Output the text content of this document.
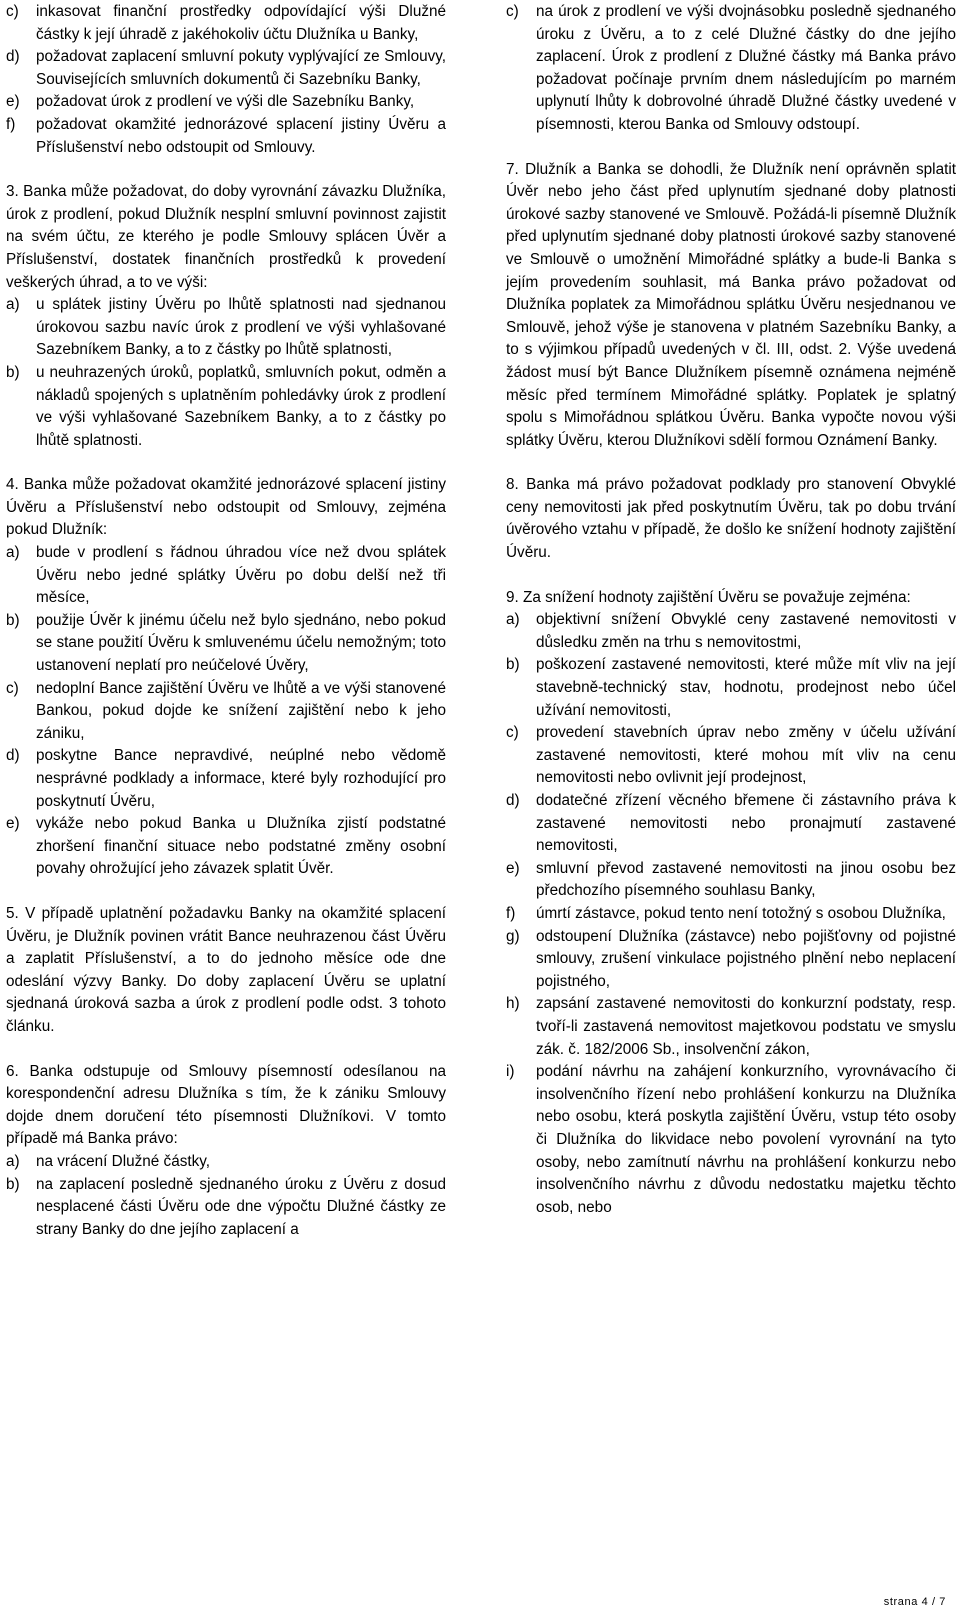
c) inkasovat finanční prostředky odpovídající výši Dlužné částky k její úhradě z jakéhokoliv účtu Dlužníka u Banky,

d) požadovat zaplacení smluvní pokuty vyplývající ze Smlouvy, Souvisejících smluvních dokumentů či Sazebníku Banky,

e) požadovat úrok z prodlení ve výši dle Sazebníku Banky,

f) požadovat okamžité jednorázové splacení jistiny Úvěru a Příslušenství nebo odstoupit od Smlouvy.

3. Banka může požadovat, do doby vyrovnání závazku Dlužníka, úrok z prodlení, pokud Dlužník nesplní smluvní povinnost zajistit na svém účtu, ze kterého je podle Smlouvy splácen Úvěr a Příslušenství, dostatek finančních prostředků k provedení veškerých úhrad, a to ve výši:

a) u splátek jistiny Úvěru po lhůtě splatnosti nad sjednanou úrokovou sazbu navíc úrok z prodlení ve výši vyhlašované Sazebníkem Banky, a to z částky po lhůtě splatnosti,

b) u neuhrazených úroků, poplatků, smluvních pokut, odměn a nákladů spojených s uplatněním pohledávky úrok z prodlení ve výši vyhlašované Sazebníkem Banky, a to z částky po lhůtě splatnosti.

4. Banka může požadovat okamžité jednorázové splacení jistiny Úvěru a Příslušenství nebo odstoupit od Smlouvy, zejména pokud Dlužník:

a) bude v prodlení s řádnou úhradou více než dvou splátek Úvěru nebo jedné splátky Úvěru po dobu delší než tři měsíce,

b) použije Úvěr k jinému účelu než bylo sjednáno, nebo pokud se stane použití Úvěru k smluvenému účelu nemožným; toto ustanovení neplatí pro neúčelové Úvěry,

c) nedoplní Bance zajištění Úvěru ve lhůtě a ve výši stanovené Bankou, pokud dojde ke snížení zajištění nebo k jeho zániku,

d) poskytne Bance nepravdivé, neúplné nebo vědomě nesprávné podklady a informace, které byly rozhodující pro poskytnutí Úvěru,

e) vykáže nebo pokud Banka u Dlužníka zjistí podstatné zhoršení finanční situace nebo podstatné změny osobní povahy ohrožující jeho závazek splatit Úvěr.

5. V případě uplatnění požadavku Banky na okamžité splacení Úvěru, je Dlužník povinen vrátit Bance neuhrazenou část Úvěru a zaplatit Příslušenství, a to do jednoho měsíce ode dne odeslání výzvy Banky. Do doby zaplacení Úvěru se uplatní sjednaná úroková sazba a úrok z prodlení podle odst. 3 tohoto článku.

6. Banka odstupuje od Smlouvy písemností odesílanou na korespondenční adresu Dlužníka s tím, že k zániku Smlouvy dojde dnem doručení této písemnosti Dlužníkovi. V tomto případě má Banka právo:

a) na vrácení Dlužné částky,

b) na zaplacení posledně sjednaného úroku z Úvěru z dosud nesplacené části Úvěru ode dne výpočtu Dlužné částky ze strany Banky do dne jejího zaplacení a

c) na úrok z prodlení ve výši dvojnásobku posledně sjednaného úroku z Úvěru, a to z celé Dlužné částky do dne jejího zaplacení. Úrok z prodlení z Dlužné částky má Banka právo požadovat počínaje prvním dnem následujícím po marném uplynutí lhůty k dobrovolné úhradě Dlužné částky uvedené v písemnosti, kterou Banka od Smlouvy odstoupí.

7. Dlužník a Banka se dohodli, že Dlužník není oprávněn splatit Úvěr nebo jeho část před uplynutím sjednané doby platnosti úrokové sazby stanovené ve Smlouvě. Požádá-li písemně Dlužník před uplynutím sjednané doby platnosti úrokové sazby stanovené ve Smlouvě o umožnění Mimořádné splátky a bude-li Banka s jejím provedením souhlasit, má Banka právo požadovat od Dlužníka poplatek za Mimořádnou splátku Úvěru nesjednanou ve Smlouvě, jehož výše je stanovena v platném Sazebníku Banky, a to s výjimkou případů uvedených v čl. III, odst. 2. Výše uvedená žádost musí být Bance Dlužníkem písemně oznámena nejméně měsíc před termínem Mimořádné splátky. Poplatek je splatný spolu s Mimořádnou splátkou Úvěru. Banka vypočte novou výši splátky Úvěru, kterou Dlužníkovi sdělí formou Oznámení Banky.

8. Banka má právo požadovat podklady pro stanovení Obvyklé ceny nemovitosti jak před poskytnutím Úvěru, tak po dobu trvání úvěrového vztahu v případě, že došlo ke snížení hodnoty zajištění Úvěru.

9. Za snížení hodnoty zajištění Úvěru se považuje zejména:

a) objektivní snížení Obvyklé ceny zastavené nemovitosti v důsledku změn na trhu s nemovitostmi,

b) poškození zastavené nemovitosti, které může mít vliv na její stavebně-technický stav, hodnotu, prodejnost nebo účel užívání nemovitosti,

c) provedení stavebních úprav nebo změny v účelu užívání zastavené nemovitosti, které mohou mít vliv na cenu nemovitosti nebo ovlivnit její prodejnost,

d) dodatečné zřízení věcného břemene či zástavního práva k zastavené nemovitosti nebo pronajmutí zastavené nemovitosti,

e) smluvní převod zastavené nemovitosti na jinou osobu bez předchozího písemného souhlasu Banky,

f) úmrtí zástavce, pokud tento není totožný s osobou Dlužníka,

g) odstoupení Dlužníka (zástavce) nebo pojišťovny od pojistné smlouvy, zrušení vinkulace pojistného plnění nebo neplacení pojistného,

h) zapsání zastavené nemovitosti do konkurzní podstaty, resp. tvoří-li zastavená nemovitost majetkovou podstatu ve smyslu zák. č. 182/2006 Sb., insolvenční zákon,

i) podání návrhu na zahájení konkurzního, vyrovnávacího či insolvenčního řízení nebo prohlášení konkurzu na Dlužníka nebo osobu, která poskytla zajištění Úvěru, vstup této osoby či Dlužníka do likvidace nebo povolení vyrovnání na tyto osoby, nebo zamítnutí návrhu na prohlášení konkurzu nebo insolvenčního návrhu z důvodu nedostatku majetku těchto osob, nebo

strana 4 / 7
